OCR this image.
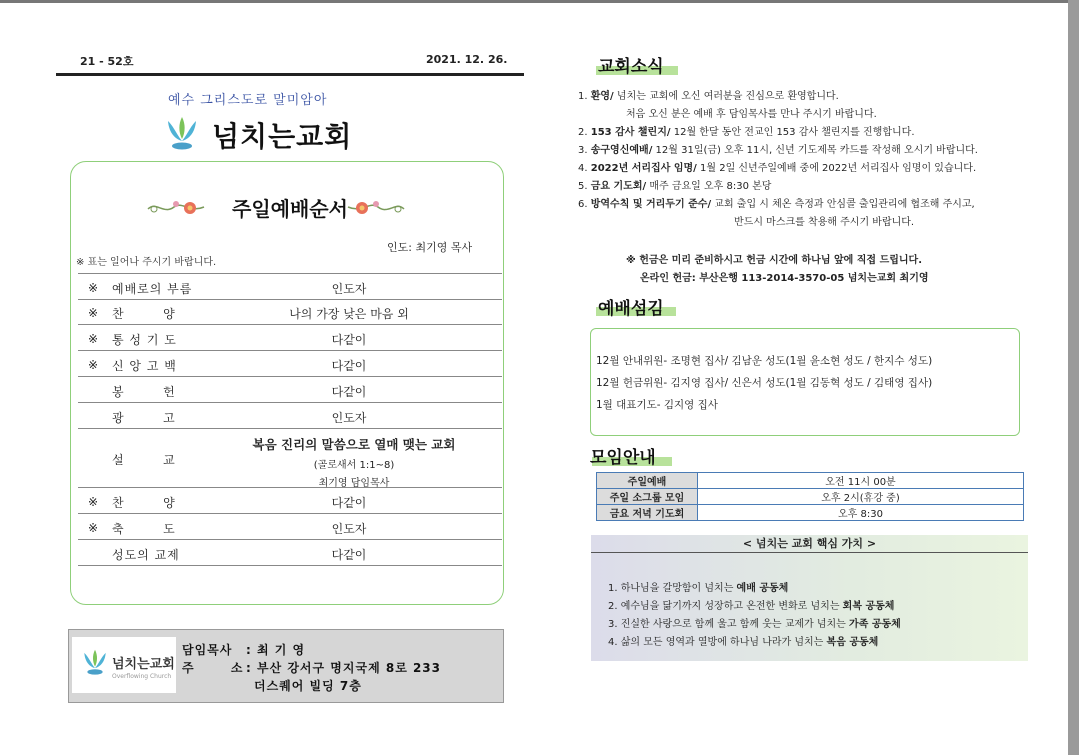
21 - 52호	2021. 12. 26.
예수 그리스도로 말미암아
넘치는교회
주일예배순서
인도: 최기영 목사
※ 표는 일어나 주시기 바랍니다.
※ 예배로의 부름	인도자
※ 찬        양	나의 가장 낮은 마음 외
※ 통 성 기 도	다같이
※ 신 앙 고 백	다같이
봉        헌	다같이
광        고	인도자
설        교
복음 진리의 말씀으로 열매 맺는 교회
(골로새서 1:1~8)
최기영 담임목사
※ 찬        양	다같이
※ 축        도	인도자
성도의 교제	다같이
넘치는교회
Overflowing Church
담임목사 : 최 기 영
주       소 : 부산 강서구 명지국제 8로 233
더스퀘어 빌딩 7층
교회소식
1. 환영/ 넘치는 교회에 오신 여러분을 진심으로 환영합니다.
처음 오신 분은 예배 후 담임목사를 만나 주시기 바랍니다.
2. 153 감사 챌린지/ 12월 한달 동안 전교인 153 감사 챌린지를 진행합니다.
3. 송구영신예배/ 12월 31일(금) 오후 11시, 신년 기도제목 카드를 작성해 오시기 바랍니다.
4. 2022년 서리집사 임명/ 1월 2일 신년주일예배 중에 2022년 서리집사 임명이 있습니다.
5. 금요 기도회/ 매주 금요일 오후 8:30 본당
6. 방역수칙 및 거리두기 준수/ 교회 출입 시 체온 측정과 안심콜 출입관리에 협조해 주시고,
반드시 마스크를 착용해 주시기 바랍니다.
※ 헌금은 미리 준비하시고 헌금 시간에 하나님 앞에 직접 드립니다.
온라인 헌금: 부산은행 113-2014-3570-05 넘치는교회 최기영
예배섬김
12월 안내위원- 조명현 집사/ 김남운 성도(1월 윤소현 성도 / 한지수 성도)
12월 헌금위원- 김지영 집사/ 신은서 성도(1월 김동혁 성도 / 김태영 집사)
1월 대표기도- 김지영 집사
모임안내
주일예배	오전 11시 00분
주일 소그룹 모임	오후 2시(휴강 중)
금요 저녁 기도회	오후 8:30
< 넘치는 교회 핵심 가치 >
1. 하나님을 갈망함이 넘치는 예배 공동체
2. 예수님을 닮기까지 성장하고 온전한 변화로 넘치는 회복 공동체
3. 진실한 사랑으로 함께 울고 함께 웃는 교제가 넘치는 가족 공동체
4. 삶의 모든 영역과 열방에 하나님 나라가 넘치는 복음 공동체
